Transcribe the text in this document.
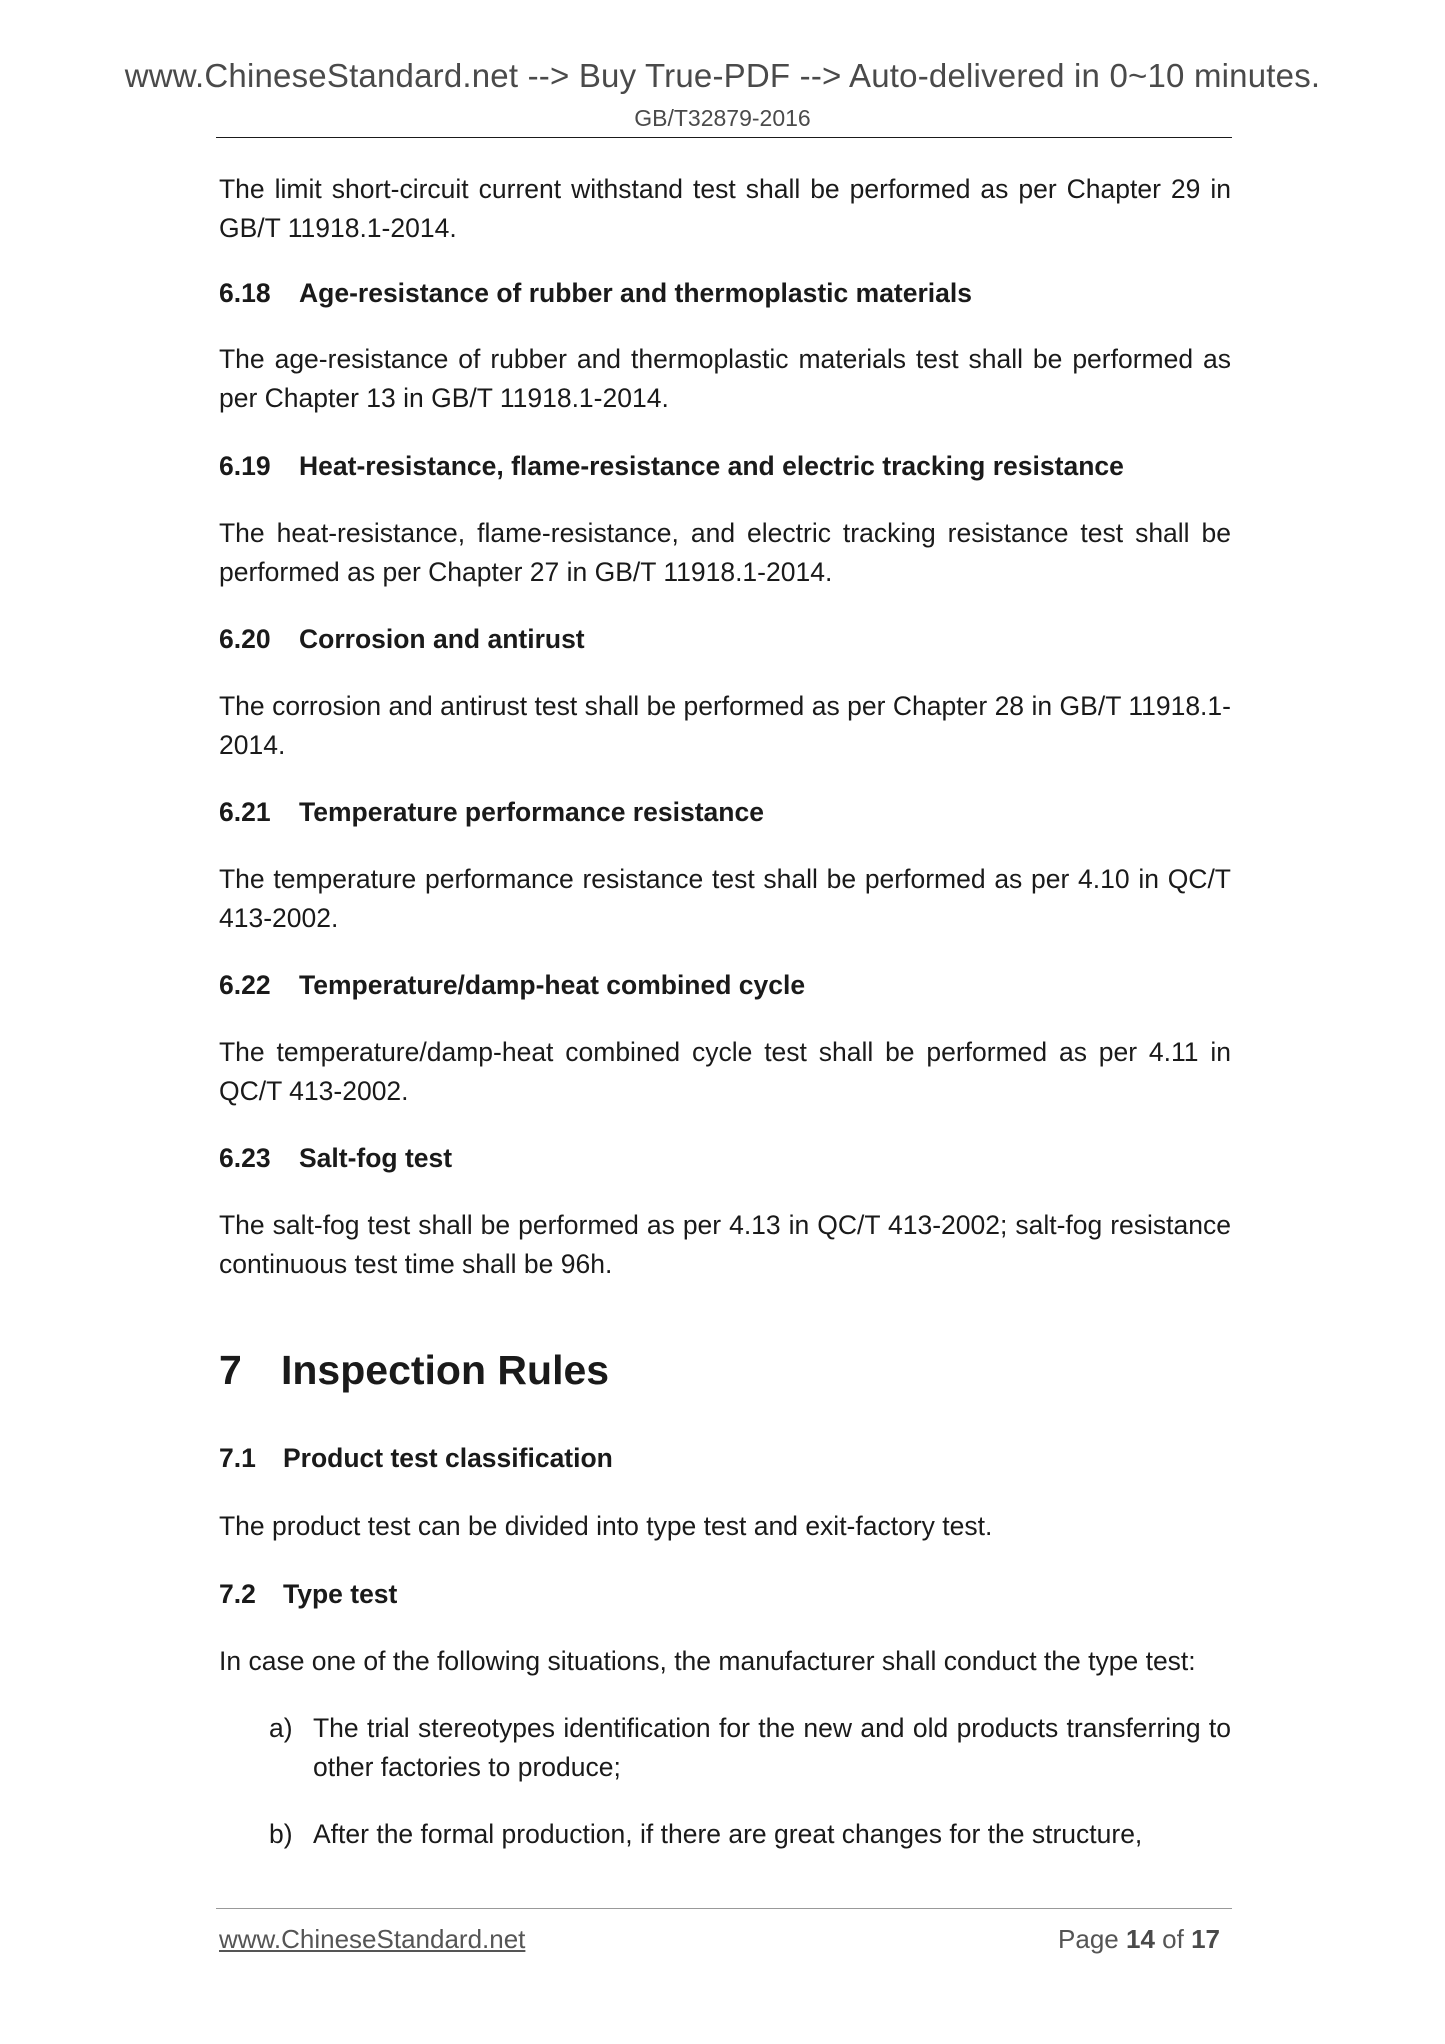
www.ChineseStandard.net --> Buy True-PDF --> Auto-delivered in 0~10 minutes.
GB/T32879-2016
The limit short-circuit current withstand test shall be performed as per Chapter 29 in GB/T 11918.1-2014.
6.18 Age-resistance of rubber and thermoplastic materials
The age-resistance of rubber and thermoplastic materials test shall be performed as per Chapter 13 in GB/T 11918.1-2014.
6.19 Heat-resistance, flame-resistance and electric tracking resistance
The heat-resistance, flame-resistance, and electric tracking resistance test shall be performed as per Chapter 27 in GB/T 11918.1-2014.
6.20 Corrosion and antirust
The corrosion and antirust test shall be performed as per Chapter 28 in GB/T 11918.1-2014.
6.21 Temperature performance resistance
The temperature performance resistance test shall be performed as per 4.10 in QC/T 413-2002.
6.22 Temperature/damp-heat combined cycle
The temperature/damp-heat combined cycle test shall be performed as per 4.11 in QC/T 413-2002.
6.23 Salt-fog test
The salt-fog test shall be performed as per 4.13 in QC/T 413-2002; salt-fog resistance continuous test time shall be 96h.
7 Inspection Rules
7.1 Product test classification
The product test can be divided into type test and exit-factory test.
7.2 Type test
In case one of the following situations, the manufacturer shall conduct the type test:
a) The trial stereotypes identification for the new and old products transferring to other factories to produce;
b) After the formal production, if there are great changes for the structure,
www.ChineseStandard.net	Page 14 of 17
